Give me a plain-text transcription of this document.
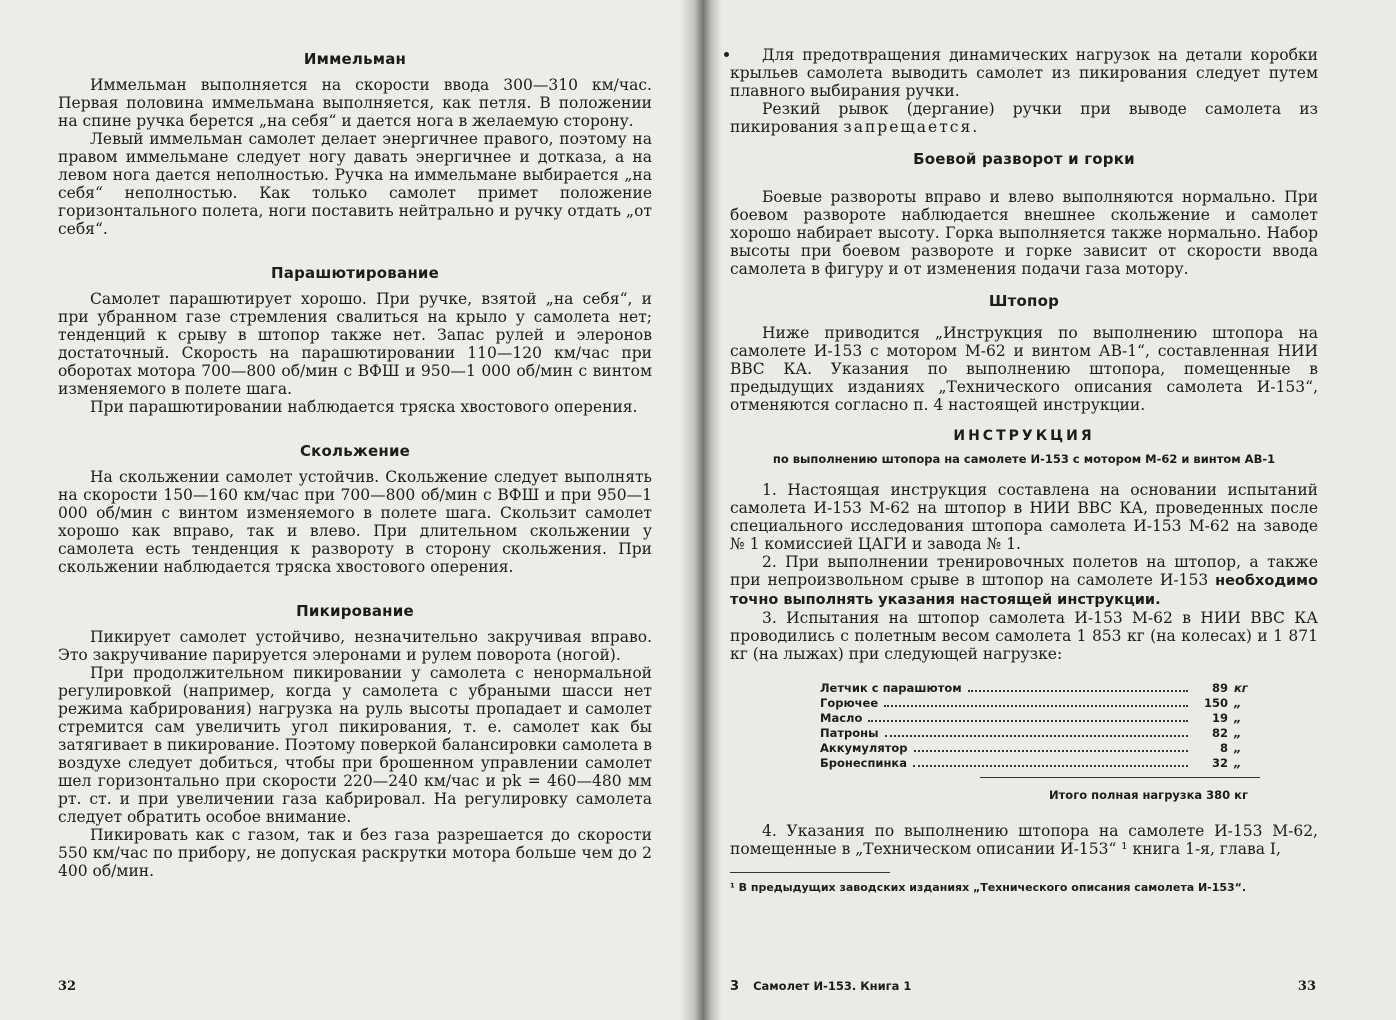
Иммельман

Иммельман выполняется на скорости ввода 300—310 км/час. Первая половина иммельмана выполняется, как петля. В положении на спине ручка берется „на себя“ и дается нога в желаемую сторону.

Левый иммельман самолет делает энергичнее правого, поэтому на правом иммельмане следует ногу давать энергичнее и дотказа, а на левом нога дается неполностью. Ручка на иммельмане выбирается „на себя“ неполностью. Как только самолет примет положение горизонтального полета, ноги поставить нейтрально и ручку отдать „от себя“.

Парашютирование

Самолет парашютирует хорошо. При ручке, взятой „на себя“, и при убранном газе стремления свалиться на крыло у самолета нет; тенденций к срыву в штопор также нет. Запас рулей и элеронов достаточный. Скорость на парашютировании 110—120 км/час при оборотах мотора 700—800 об/мин с ВФШ и 950—1 000 об/мин с винтом изменяемого в полете шага.

При парашютировании наблюдается тряска хвостового оперения.

Скольжение

На скольжении самолет устойчив. Скольжение следует выполнять на скорости 150—160 км/час при 700—800 об/мин с ВФШ и при 950—1 000 об/мин с винтом изменяемого в полете шага. Скользит самолет хорошо как вправо, так и влево. При длительном скольжении у самолета есть тенденция к развороту в сторону скольжения. При скольжении наблюдается тряска хвостового оперения.

Пикирование

Пикирует самолет устойчиво, незначительно закручивая вправо. Это закручивание парируется элеронами и рулем поворота (ногой).

При продолжительном пикировании у самолета с ненормальной регулировкой (например, когда у самолета с убраными шасси нет режима кабрирования) нагрузка на руль высоты пропадает и самолет стремится сам увеличить угол пикирования, т. е. самолет как бы затягивает в пикирование. Поэтому поверкой балансировки самолета в воздухе следует добиться, чтобы при брошенном управлении самолет шел горизонтально при скорости 220—240 км/час и pk = 460—480 мм рт. ст. и при увеличении газа кабрировал. На регулировку самолета следует обратить особое внимание.

Пикировать как с газом, так и без газа разрешается до скорости 550 км/час по прибору, не допуская раскрутки мотора больше чем до 2 400 об/мин.

32

Для предотвращения динамических нагрузок на детали коробки крыльев самолета выводить самолет из пикирования следует путем плавного выбирания ручки.

Резкий рывок (дергание) ручки при выводе самолета из пикирования запрещается.

Боевой разворот и горки

Боевые развороты вправо и влево выполняются нормально. При боевом развороте наблюдается внешнее скольжение и самолет хорошо набирает высоту. Горка выполняется также нормально. Набор высоты при боевом развороте и горке зависит от скорости ввода самолета в фигуру и от изменения подачи газа мотору.

Штопор

Ниже приводится „Инструкция по выполнению штопора на самолете И-153 с мотором М-62 и винтом АВ-1“, составленная НИИ ВВС КА. Указания по выполнению штопора, помещенные в предыдущих изданиях „Технического описания самолета И-153“, отменяются согласно п. 4 настоящей инструкции.

ИНСТРУКЦИЯ
по выполнению штопора на самолете И-153 с мотором М-62 и винтом АВ-1

1. Настоящая инструкция составлена на основании испытаний самолета И-153 М-62 на штопор в НИИ ВВС КА, проведенных после специального исследования штопора самолета И-153 М-62 на заводе № 1 комиссией ЦАГИ и завода № 1.

2. При выполнении тренировочных полетов на штопор, а также при непроизвольном срыве в штопор на самолете И-153 необходимо точно выполнять указания настоящей инструкции.

3. Испытания на штопор самолета И-153 М-62 в НИИ ВВС КА проводились с полетным весом самолета 1 853 кг (на колесах) и 1 871 кг (на лыжах) при следующей нагрузке:

Летчик с парашютом	89 кг
Горючее	150 „
Масло	19 „
Патроны	82 „
Аккумулятор	8 „
Бронеспинка	32 „
Итого полная нагрузка 380 кг

4. Указания по выполнению штопора на самолете И-153 М-62, помещенные в „Техническом описании И-153“ ¹ книга 1-я, глава I,

¹ В предыдущих заводских изданиях „Технического описания самолета И-153“.

3 Самолет И-153. Книга 1	33
